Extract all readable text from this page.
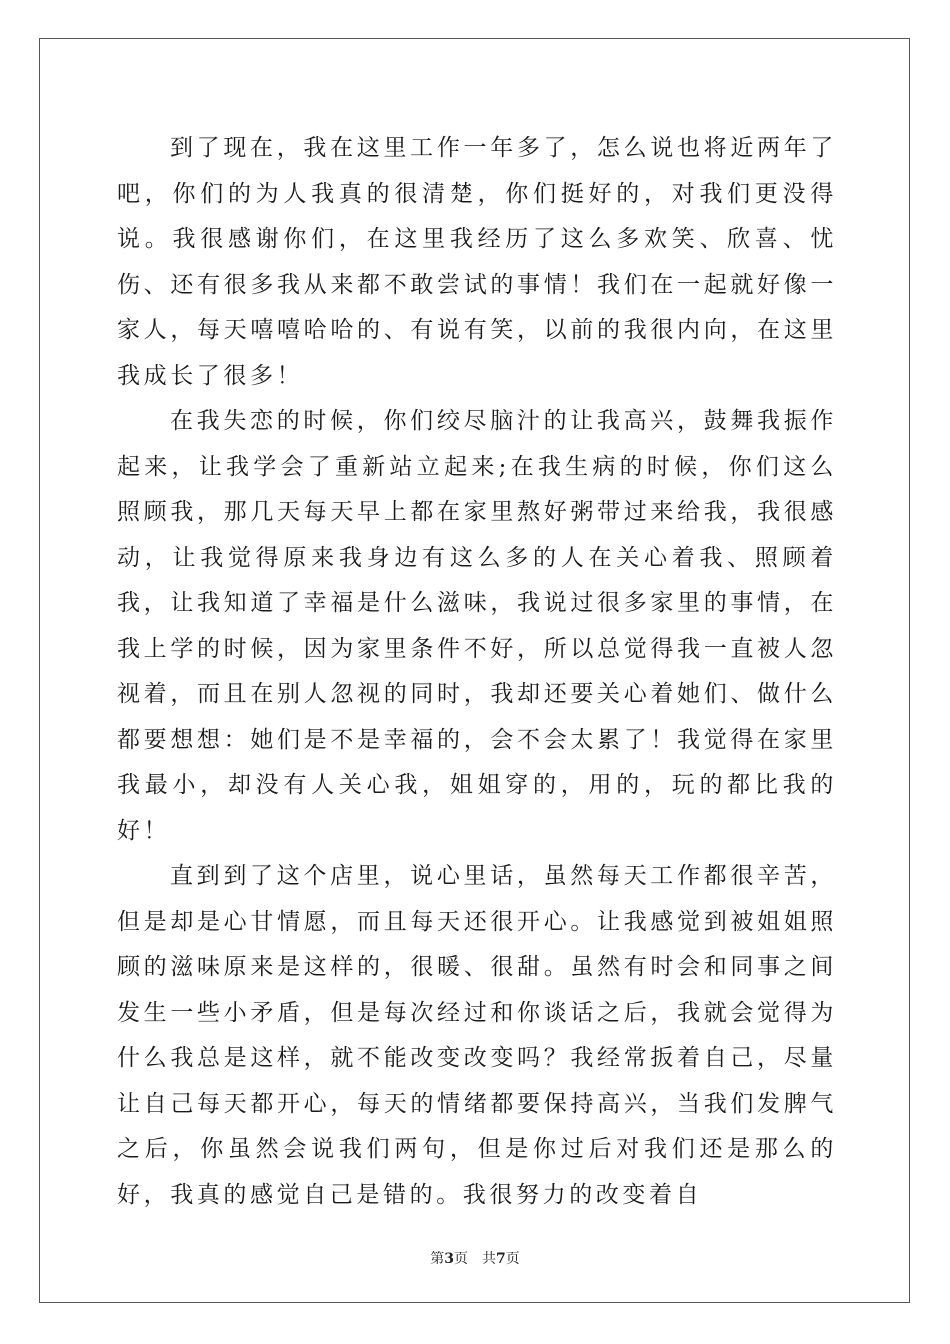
到了现在，我在这里工作一年多了，怎么说也将近两年了吧，你们的为人我真的很清楚，你们挺好的，对我们更没得说。我很感谢你们，在这里我经历了这么多欢笑、欣喜、忧伤、还有很多我从来都不敢尝试的事情！我们在一起就好像一家人，每天嘻嘻哈哈的、有说有笑，以前的我很内向，在这里我成长了很多！

在我失恋的时候，你们绞尽脑汁的让我高兴，鼓舞我振作起来，让我学会了重新站立起来;在我生病的时候，你们这么照顾我，那几天每天早上都在家里熬好粥带过来给我，我很感动，让我觉得原来我身边有这么多的人在关心着我、照顾着我，让我知道了幸福是什么滋味，我说过很多家里的事情，在我上学的时候，因为家里条件不好，所以总觉得我一直被人忽视着，而且在别人忽视的同时，我却还要关心着她们、做什么都要想想：她们是不是幸福的，会不会太累了！我觉得在家里我最小，却没有人关心我，姐姐穿的，用的，玩的都比我的好！

直到到了这个店里，说心里话，虽然每天工作都很辛苦，但是却是心甘情愿，而且每天还很开心。让我感觉到被姐姐照顾的滋味原来是这样的，很暖、很甜。虽然有时会和同事之间发生一些小矛盾，但是每次经过和你谈话之后，我就会觉得为什么我总是这样，就不能改变改变吗？我经常扳着自己，尽量让自己每天都开心，每天的情绪都要保持高兴，当我们发脾气之后，你虽然会说我们两句，但是你过后对我们还是那么的好，我真的感觉自己是错的。我很努力的改变着自

第3页 共7页
